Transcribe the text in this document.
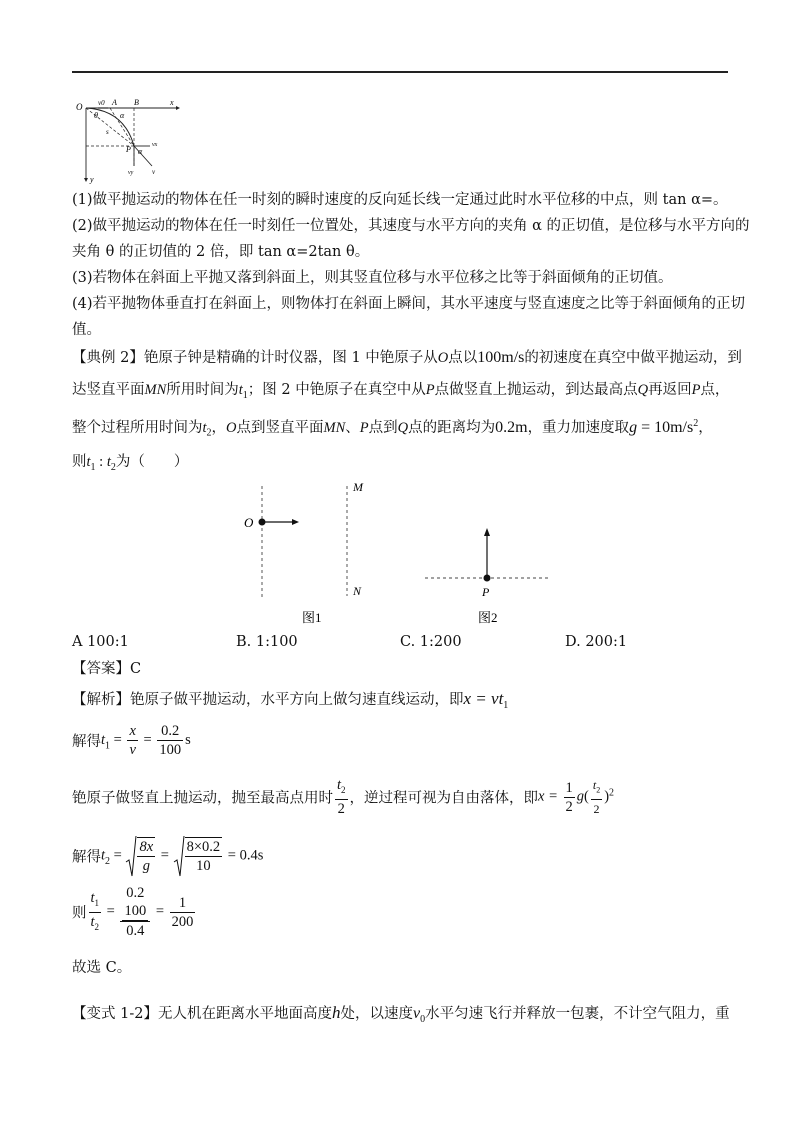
O v0 A B	x
θ	α
s
P α
vx
vy	v
y
(1)做平抛运动的物体在任一时刻的瞬时速度的反向延长线一定通过此时水平位移的中点，则 tan α=。
(2)做平抛运动的物体在任一时刻任一位置处，其速度与水平方向的夹角 α 的正切值，是位移与水平方向的
夹角 θ 的正切值的 2 倍，即 tan α=2tan θ。
(3)若物体在斜面上平抛又落到斜面上，则其竖直位移与水平位移之比等于斜面倾角的正切值。
(4)若平抛物体垂直打在斜面上，则物体打在斜面上瞬间，其水平速度与竖直速度之比等于斜面倾角的正切
值。
【典例 2】铯原子钟是精确的计时仪器，图 1 中铯原子从O点以100m/s的初速度在真空中做平抛运动，到
达竖直平面MN所用时间为$t_1$；图 2 中铯原子在真空中从P点做竖直上抛运动，到达最高点Q再返回P点，
整个过程所用时间为$t_2$，O点到竖直平面MN、P点到Q点的距离均为0.2m，重力加速度取$g = 10m/s^2$，
则$t_1$ : $t_2$为（　　）
O
M
N	P
图1	图2
A 100:1	B. 1:100	C. 1:200	D. 200:1
【答案】C
【解析】铯原子做平抛运动，水平方向上做匀速直线运动，即$x = vt_1$
解得$t_1 = \frac{x}{v} = \frac{0.2}{100}$ s
铯原子做竖直上抛运动，抛至最高点用时 $\frac{t_2}{2}$ ，逆过程可视为自由落体，即$x = \frac{1}{2} g( \frac{t_2}{2} )^2$
解得$t_2 = \frac{8x}{g} = \frac{8\times 0.2}{10} = 0.4s$
则 $\frac{t_1}{t_2} = 0.2$
100
$0.4 = \frac{1}{200}$
故选 C。
【变式 1-2】无人机在距离水平地面高度h处，以速度$v_0$水平匀速飞行并释放一包裹，不计空气阻力，重
